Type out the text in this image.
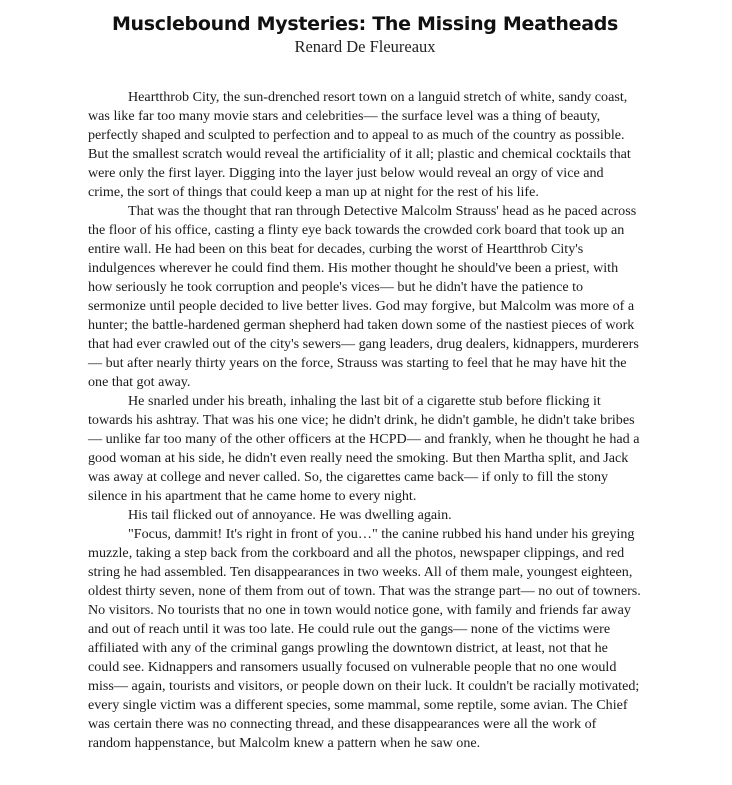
Musclebound Mysteries: The Missing Meatheads
Renard De Fleureaux

Heartthrob City, the sun-drenched resort town on a languid stretch of white, sandy coast, was like far too many movie stars and celebrities— the surface level was a thing of beauty, perfectly shaped and sculpted to perfection and to appeal to as much of the country as possible. But the smallest scratch would reveal the artificiality of it all; plastic and chemical cocktails that were only the first layer. Digging into the layer just below would reveal an orgy of vice and crime, the sort of things that could keep a man up at night for the rest of his life.

That was the thought that ran through Detective Malcolm Strauss' head as he paced across the floor of his office, casting a flinty eye back towards the crowded cork board that took up an entire wall. He had been on this beat for decades, curbing the worst of Heartthrob City's indulgences wherever he could find them. His mother thought he should've been a priest, with how seriously he took corruption and people's vices— but he didn't have the patience to sermonize until people decided to live better lives. God may forgive, but Malcolm was more of a hunter; the battle-hardened german shepherd had taken down some of the nastiest pieces of work that had ever crawled out of the city's sewers— gang leaders, drug dealers, kidnappers, murderers— but after nearly thirty years on the force, Strauss was starting to feel that he may have hit the one that got away.

He snarled under his breath, inhaling the last bit of a cigarette stub before flicking it towards his ashtray. That was his one vice; he didn't drink, he didn't gamble, he didn't take bribes— unlike far too many of the other officers at the HCPD— and frankly, when he thought he had a good woman at his side, he didn't even really need the smoking. But then Martha split, and Jack was away at college and never called. So, the cigarettes came back— if only to fill the stony silence in his apartment that he came home to every night.

His tail flicked out of annoyance. He was dwelling again.

"Focus, dammit! It's right in front of you…" the canine rubbed his hand under his greying muzzle, taking a step back from the corkboard and all the photos, newspaper clippings, and red string he had assembled. Ten disappearances in two weeks. All of them male, youngest eighteen, oldest thirty seven, none of them from out of town. That was the strange part— no out of towners. No visitors. No tourists that no one in town would notice gone, with family and friends far away and out of reach until it was too late. He could rule out the gangs— none of the victims were affiliated with any of the criminal gangs prowling the downtown district, at least, not that he could see. Kidnappers and ransomers usually focused on vulnerable people that no one would miss— again, tourists and visitors, or people down on their luck. It couldn't be racially motivated; every single victim was a different species, some mammal, some reptile, some avian. The Chief was certain there was no connecting thread, and these disappearances were all the work of random happenstance, but Malcolm knew a pattern when he saw one.
